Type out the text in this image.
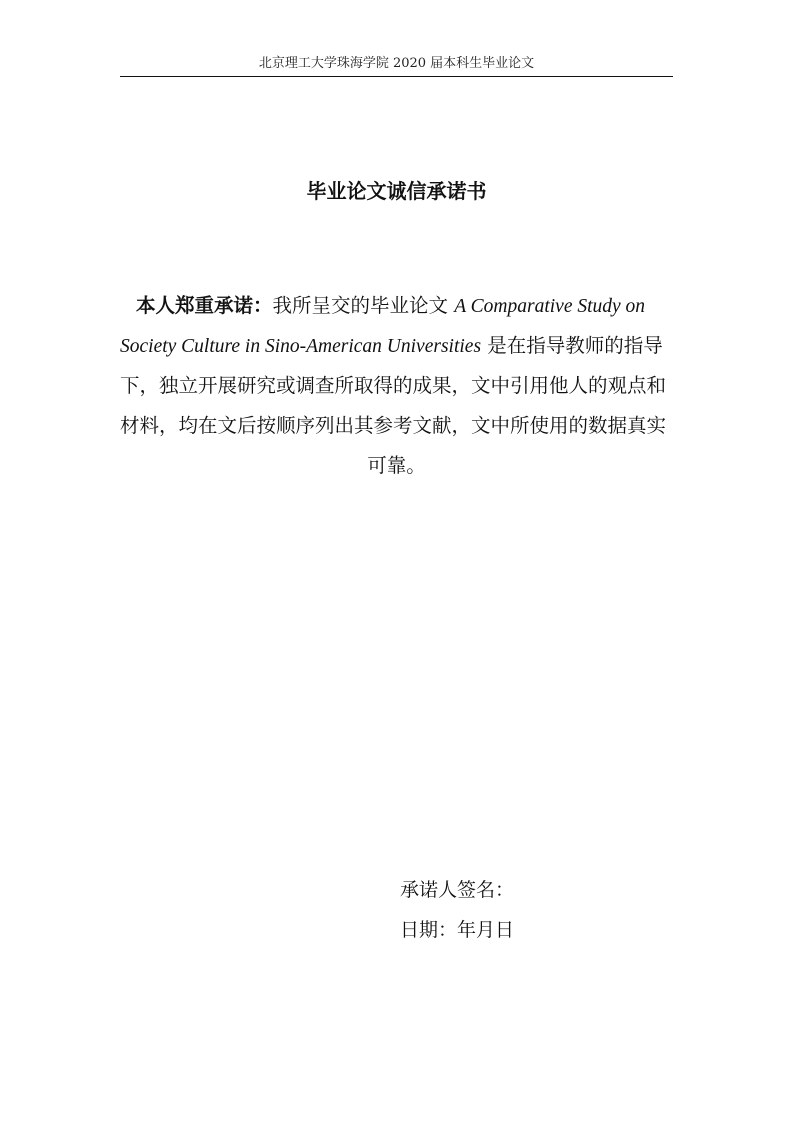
北京理工大学珠海学院 2020 届本科生毕业论文
毕业论文诚信承诺书
本人郑重承诺：我所呈交的毕业论文 A Comparative Study on
Society Culture in Sino-American Universities 是在指导教师的指导
下，独立开展研究或调查所取得的成果，文中引用他人的观点和
材料，均在文后按顺序列出其参考文献，文中所使用的数据真实
可靠。
承诺人签名：
日期：年月日
